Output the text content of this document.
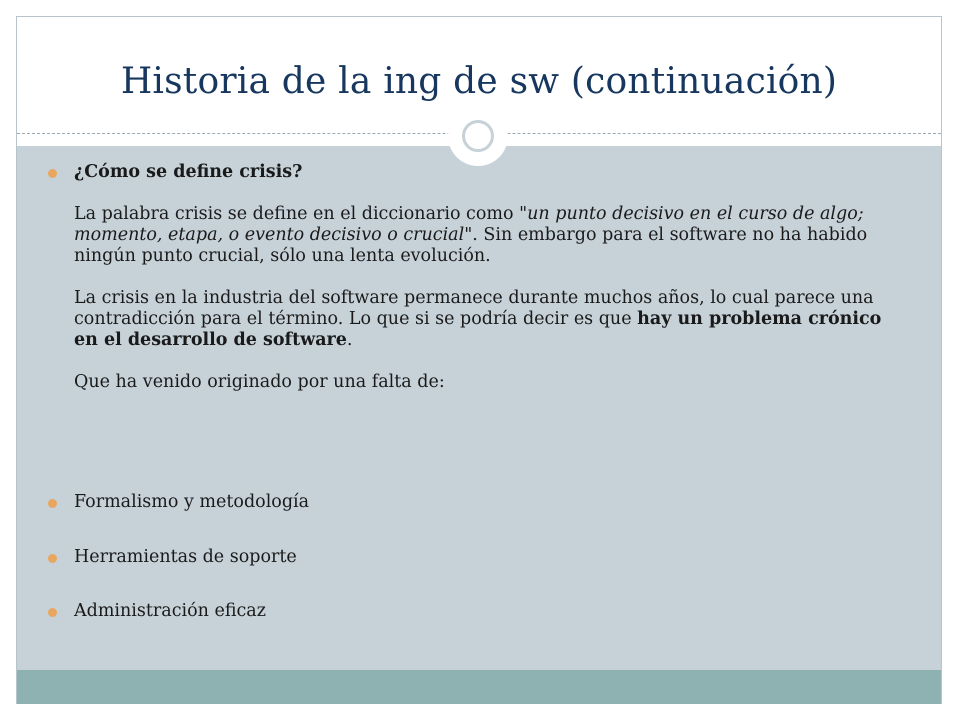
Historia de la ing de sw (continuación)
¿Cómo se define crisis?
La palabra crisis se define en el diccionario como "un punto decisivo en el curso de algo; momento, etapa, o evento decisivo o crucial". Sin embargo para el software no ha habido ningún punto crucial, sólo una lenta evolución.
La crisis en la industria del software permanece durante muchos años, lo cual parece una contradicción para el término. Lo que si se podría decir es que hay un problema crónico en el desarrollo de software.
Que ha venido originado por una falta de:
Formalismo y metodología
Herramientas de soporte
Administración eficaz
